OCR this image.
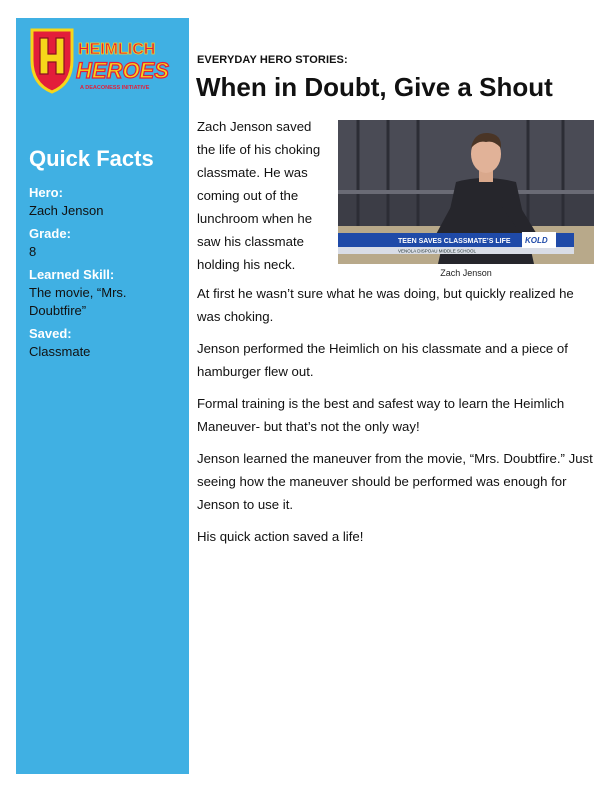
HEIMLICH
HEROES
A DEACONESS INITIATIVE
Quick Facts
Hero:
Zach Jenson
Grade:
8
Learned Skill:
The movie, “Mrs. Doubtfire”
Saved:
Classmate
EVERYDAY HERO STORIES:
When in Doubt, Give a Shout
TEEN SAVES CLASSMATE’S LIFE
VENOLA DISPOAU MIDDLE SCHOOL
KOLD
Zach Jenson

Zach Jenson saved the life of his choking classmate. He was coming out of the lunchroom when he saw his classmate holding his neck.

At first he wasn’t sure what he was doing, but quickly realized he was choking.

Jenson performed the Heimlich on his classmate and a piece of hamburger flew out.

Formal training is the best and safest way to learn the Heimlich Maneuver- but that’s not the only way!

Jenson learned the maneuver from the movie, “Mrs. Doubtfire.” Just seeing how the maneuver should be performed was enough for Jenson to use it.

His quick action saved a life!
